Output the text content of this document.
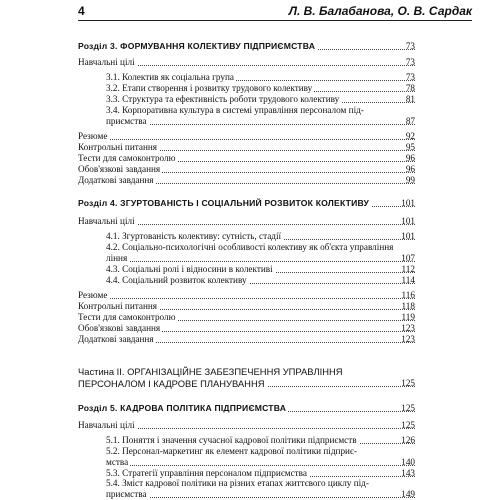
4	Л. В. Балабанова, О. В. Сардак
Розділ 3. ФОРМУВАННЯ КОЛЕКТИВУ ПІДПРИЄМСТВА	73
Навчальні цілі	73
3.1. Колектив як соціальна група	73
3.2. Етапи створення і розвитку трудового колективу	78
3.3. Структура та ефективність роботи трудового колективу	81
3.4. Корпоративна культура в системі управління персоналом під-
приємства	87
Резюме	92
Контрольні питання	95
Тести для самоконтролю	96
Обов'язкові завдання	96
Додаткові завдання	99
Розділ 4. ЗГУРТОВАНІСТЬ І СОЦІАЛЬНИЙ РОЗВИТОК КОЛЕКТИВУ	101
Навчальні цілі	101
4.1. Згуртованість колективу: сутність, стадії	101
4.2. Соціально-психологічні особливості колективу як об'єкта управління
ління	107
4.3. Соціальні ролі і відносини в колективі	112
4.4. Соціальний розвиток колективу	114
Резюме	116
Контрольні питання	118
Тести для самоконтролю	119
Обов'язкові завдання	123
Додаткові завдання	123
Частина II. ОРГАНІЗАЦІЙНЕ ЗАБЕЗПЕЧЕННЯ УПРАВЛІННЯ
ПЕРСОНАЛОМ І КАДРОВЕ ПЛАНУВАННЯ	125
Розділ 5. КАДРОВА ПОЛІТИКА ПІДПРИЄМСТВА	125
Навчальні цілі	125
5.1. Поняття і значення сучасної кадрової політики підприємств	126
5.2. Персонал-маркетинг як елемент кадрової політики підприє-
мства	140
5.3. Стратегії управління персоналом підприємства	143
5.4. Зміст кадрової політики на різних етапах життєвого циклу під-
приємства	149
